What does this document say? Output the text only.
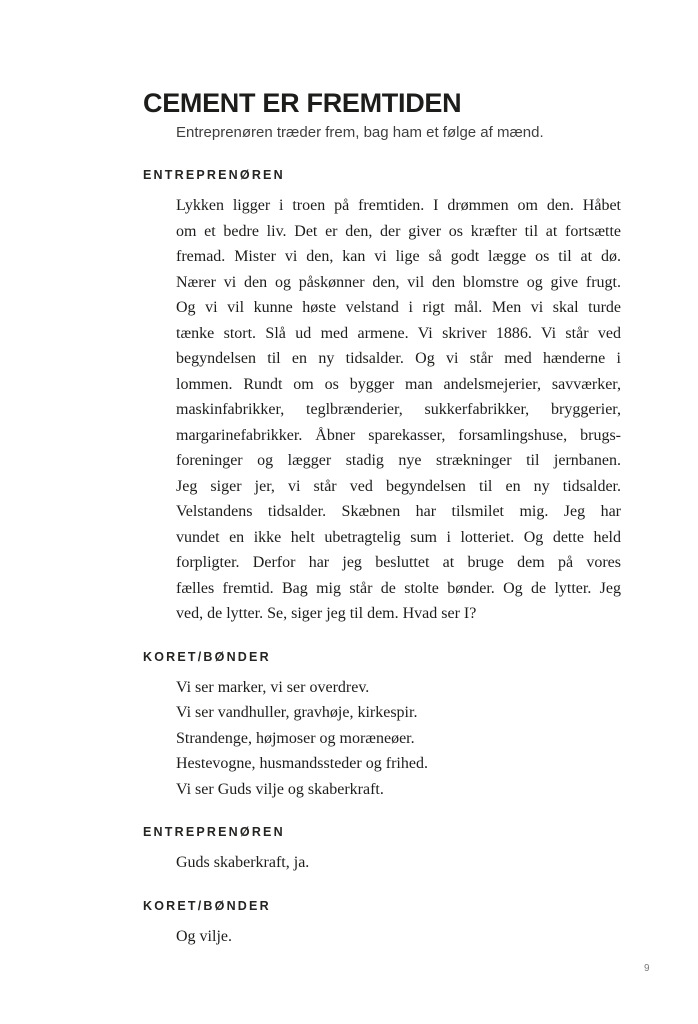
CEMENT ER FREMTIDEN
Entreprenøren træder frem, bag ham et følge af mænd.
ENTREPRENØREN
Lykken ligger i troen på fremtiden. I drømmen om den. Håbet
om et bedre liv. Det er den, der giver os kræfter til at fortsætte
fremad. Mister vi den, kan vi lige så godt lægge os til at dø.
Nærer vi den og påskønner den, vil den blomstre og give frugt.
Og vi vil kunne høste velstand i rigt mål. Men vi skal turde
tænke stort. Slå ud med armene. Vi skriver 1886. Vi står ved
begyndelsen til en ny tidsalder. Og vi står med hænderne i
lommen. Rundt om os bygger man andelsmejerier, savværker,
maskinfabrikker, teglbrænderier, sukkerfabrikker, bryggerier,
margarinefabrikker. Åbner sparekasser, forsamlingshuse, brugs-
foreninger og lægger stadig nye strækninger til jernbanen.
Jeg siger jer, vi står ved begyndelsen til en ny tidsalder.
Velstandens tidsalder. Skæbnen har tilsmilet mig. Jeg har
vundet en ikke helt ubetragtelig sum i lotteriet. Og dette held
forpligter. Derfor har jeg besluttet at bruge dem på vores
fælles fremtid. Bag mig står de stolte bønder. Og de lytter. Jeg
ved, de lytter. Se, siger jeg til dem. Hvad ser I?
KORET/BØNDER
Vi ser marker, vi ser overdrev.
Vi ser vandhuller, gravhøje, kirkespir.
Strandenge, højmoser og moræneøer.
Hestevogne, husmandssteder og frihed.
Vi ser Guds vilje og skaberkraft.
ENTREPRENØREN
Guds skaberkraft, ja.
KORET/BØNDER
Og vilje.
9
